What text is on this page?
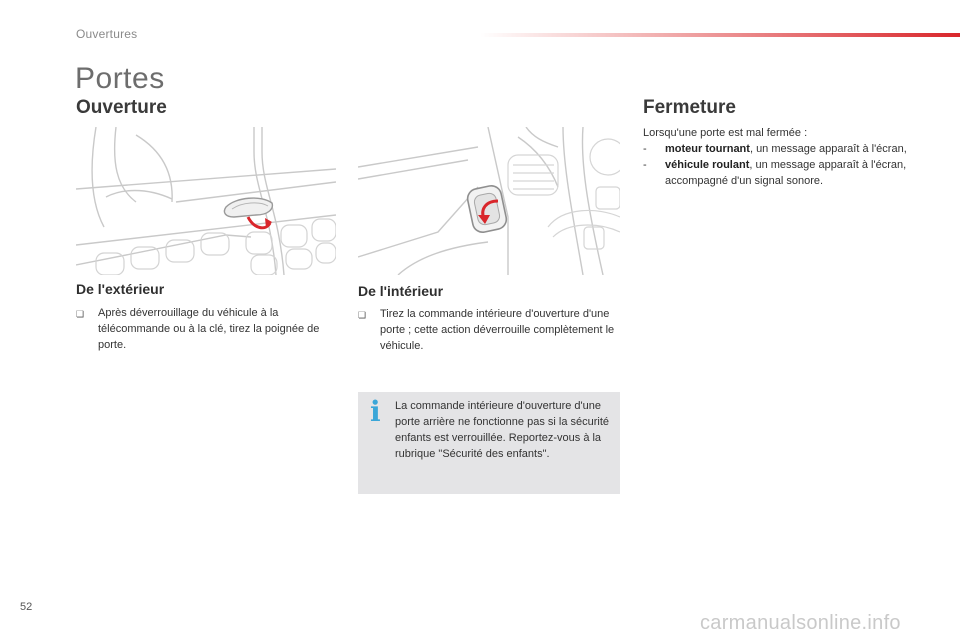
Ouvertures
Portes
Ouverture	Fermeture
De l'extérieur	De l'intérieur
❏	Après déverrouillage du véhicule à la télécommande ou à la clé, tirez la poignée de porte.
❏	Tirez la commande intérieure d'ouverture d'une porte ; cette action déverrouille complètement le véhicule.
i La commande intérieure d'ouverture d'une porte arrière ne fonctionne pas si la sécurité enfants est verrouillée. Reportez-vous à la rubrique "Sécurité des enfants".
Lorsqu'une porte est mal fermée :
- moteur tournant, un message apparaît à l'écran,
- véhicule roulant, un message apparaît à l'écran, accompagné d'un signal sonore.
52
carmanualsonline.info
